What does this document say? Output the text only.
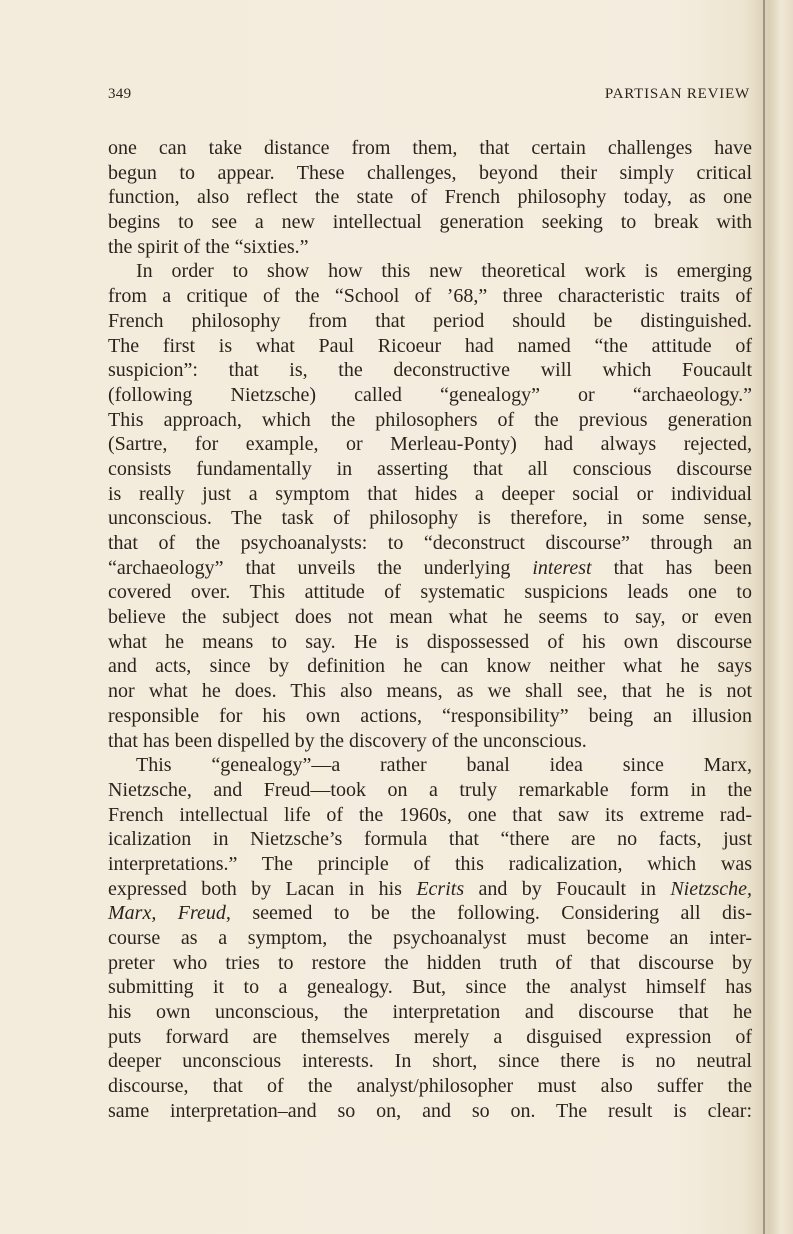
349	PARTISAN REVIEW
one can take distance from them, that certain challenges have
begun to appear. These challenges, beyond their simply critical
function, also reflect the state of French philosophy today, as one
begins to see a new intellectual generation seeking to break with
the spirit of the “sixties.”
In order to show how this new theoretical work is emerging
from a critique of the “School of ’68,” three characteristic traits of
French philosophy from that period should be distinguished.
The first is what Paul Ricoeur had named “the attitude of
suspicion”: that is, the deconstructive will which Foucault
(following Nietzsche) called “genealogy” or “archaeology.”
This approach, which the philosophers of the previous generation
(Sartre, for example, or Merleau-Ponty) had always rejected,
consists fundamentally in asserting that all conscious discourse
is really just a symptom that hides a deeper social or individual
unconscious. The task of philosophy is therefore, in some sense,
that of the psychoanalysts: to “deconstruct discourse” through an
“archaeology” that unveils the underlying interest that has been
covered over. This attitude of systematic suspicions leads one to
believe the subject does not mean what he seems to say, or even
what he means to say. He is dispossessed of his own discourse
and acts, since by definition he can know neither what he says
nor what he does. This also means, as we shall see, that he is not
responsible for his own actions, “responsibility” being an illusion
that has been dispelled by the discovery of the unconscious.
This “genealogy”—a rather banal idea since Marx,
Nietzsche, and Freud—took on a truly remarkable form in the
French intellectual life of the 1960s, one that saw its extreme rad-
icalization in Nietzsche’s formula that “there are no facts, just
interpretations.” The principle of this radicalization, which was
expressed both by Lacan in his Ecrits and by Foucault in Nietzsche,
Marx, Freud, seemed to be the following. Considering all dis-
course as a symptom, the psychoanalyst must become an inter-
preter who tries to restore the hidden truth of that discourse by
submitting it to a genealogy. But, since the analyst himself has
his own unconscious, the interpretation and discourse that he
puts forward are themselves merely a disguised expression of
deeper unconscious interests. In short, since there is no neutral
discourse, that of the analyst/philosopher must also suffer the
same interpretation–and so on, and so on. The result is clear:
